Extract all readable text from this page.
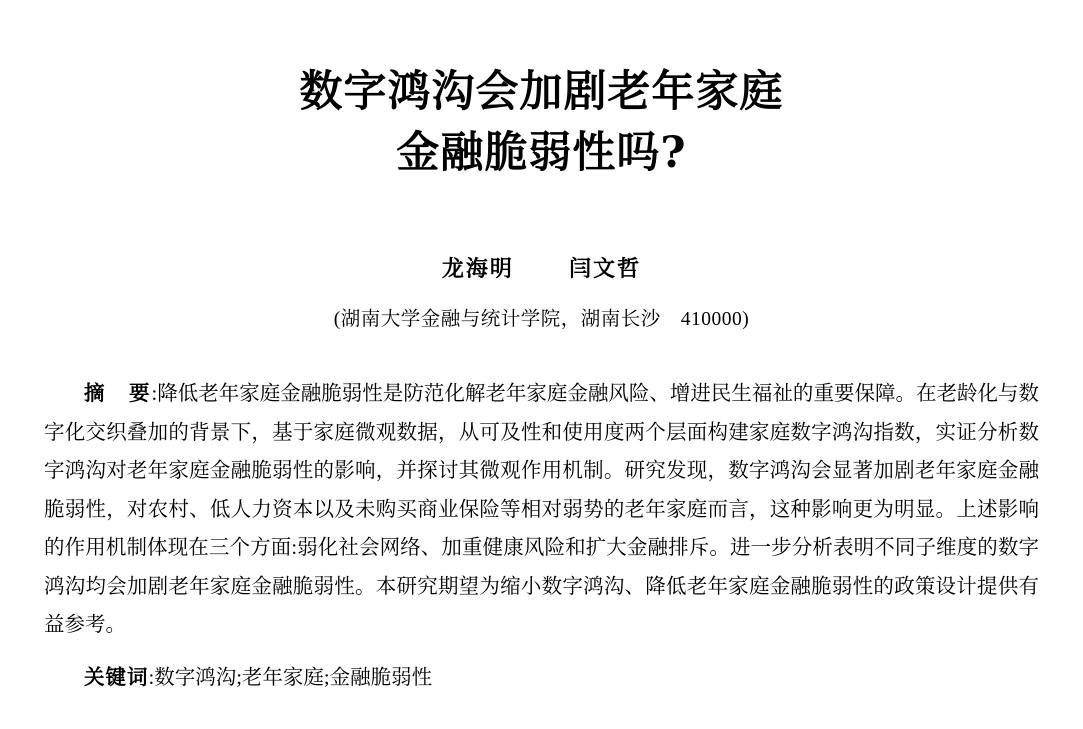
数字鸿沟会加剧老年家庭
金融脆弱性吗?
龙海明	闫文哲
(湖南大学金融与统计学院，湖南长沙　410000)
摘　要:降低老年家庭金融脆弱性是防范化解老年家庭金融风险、增进民生福祉的重要保障。在老龄化与数字化交织叠加的背景下，基于家庭微观数据，从可及性和使用度两个层面构建家庭数字鸿沟指数，实证分析数字鸿沟对老年家庭金融脆弱性的影响，并探讨其微观作用机制。研究发现，数字鸿沟会显著加剧老年家庭金融脆弱性，对农村、低人力资本以及未购买商业保险等相对弱势的老年家庭而言，这种影响更为明显。上述影响的作用机制体现在三个方面:弱化社会网络、加重健康风险和扩大金融排斥。进一步分析表明不同子维度的数字鸿沟均会加剧老年家庭金融脆弱性。本研究期望为缩小数字鸿沟、降低老年家庭金融脆弱性的政策设计提供有益参考。
关键词:数字鸿沟;老年家庭;金融脆弱性
